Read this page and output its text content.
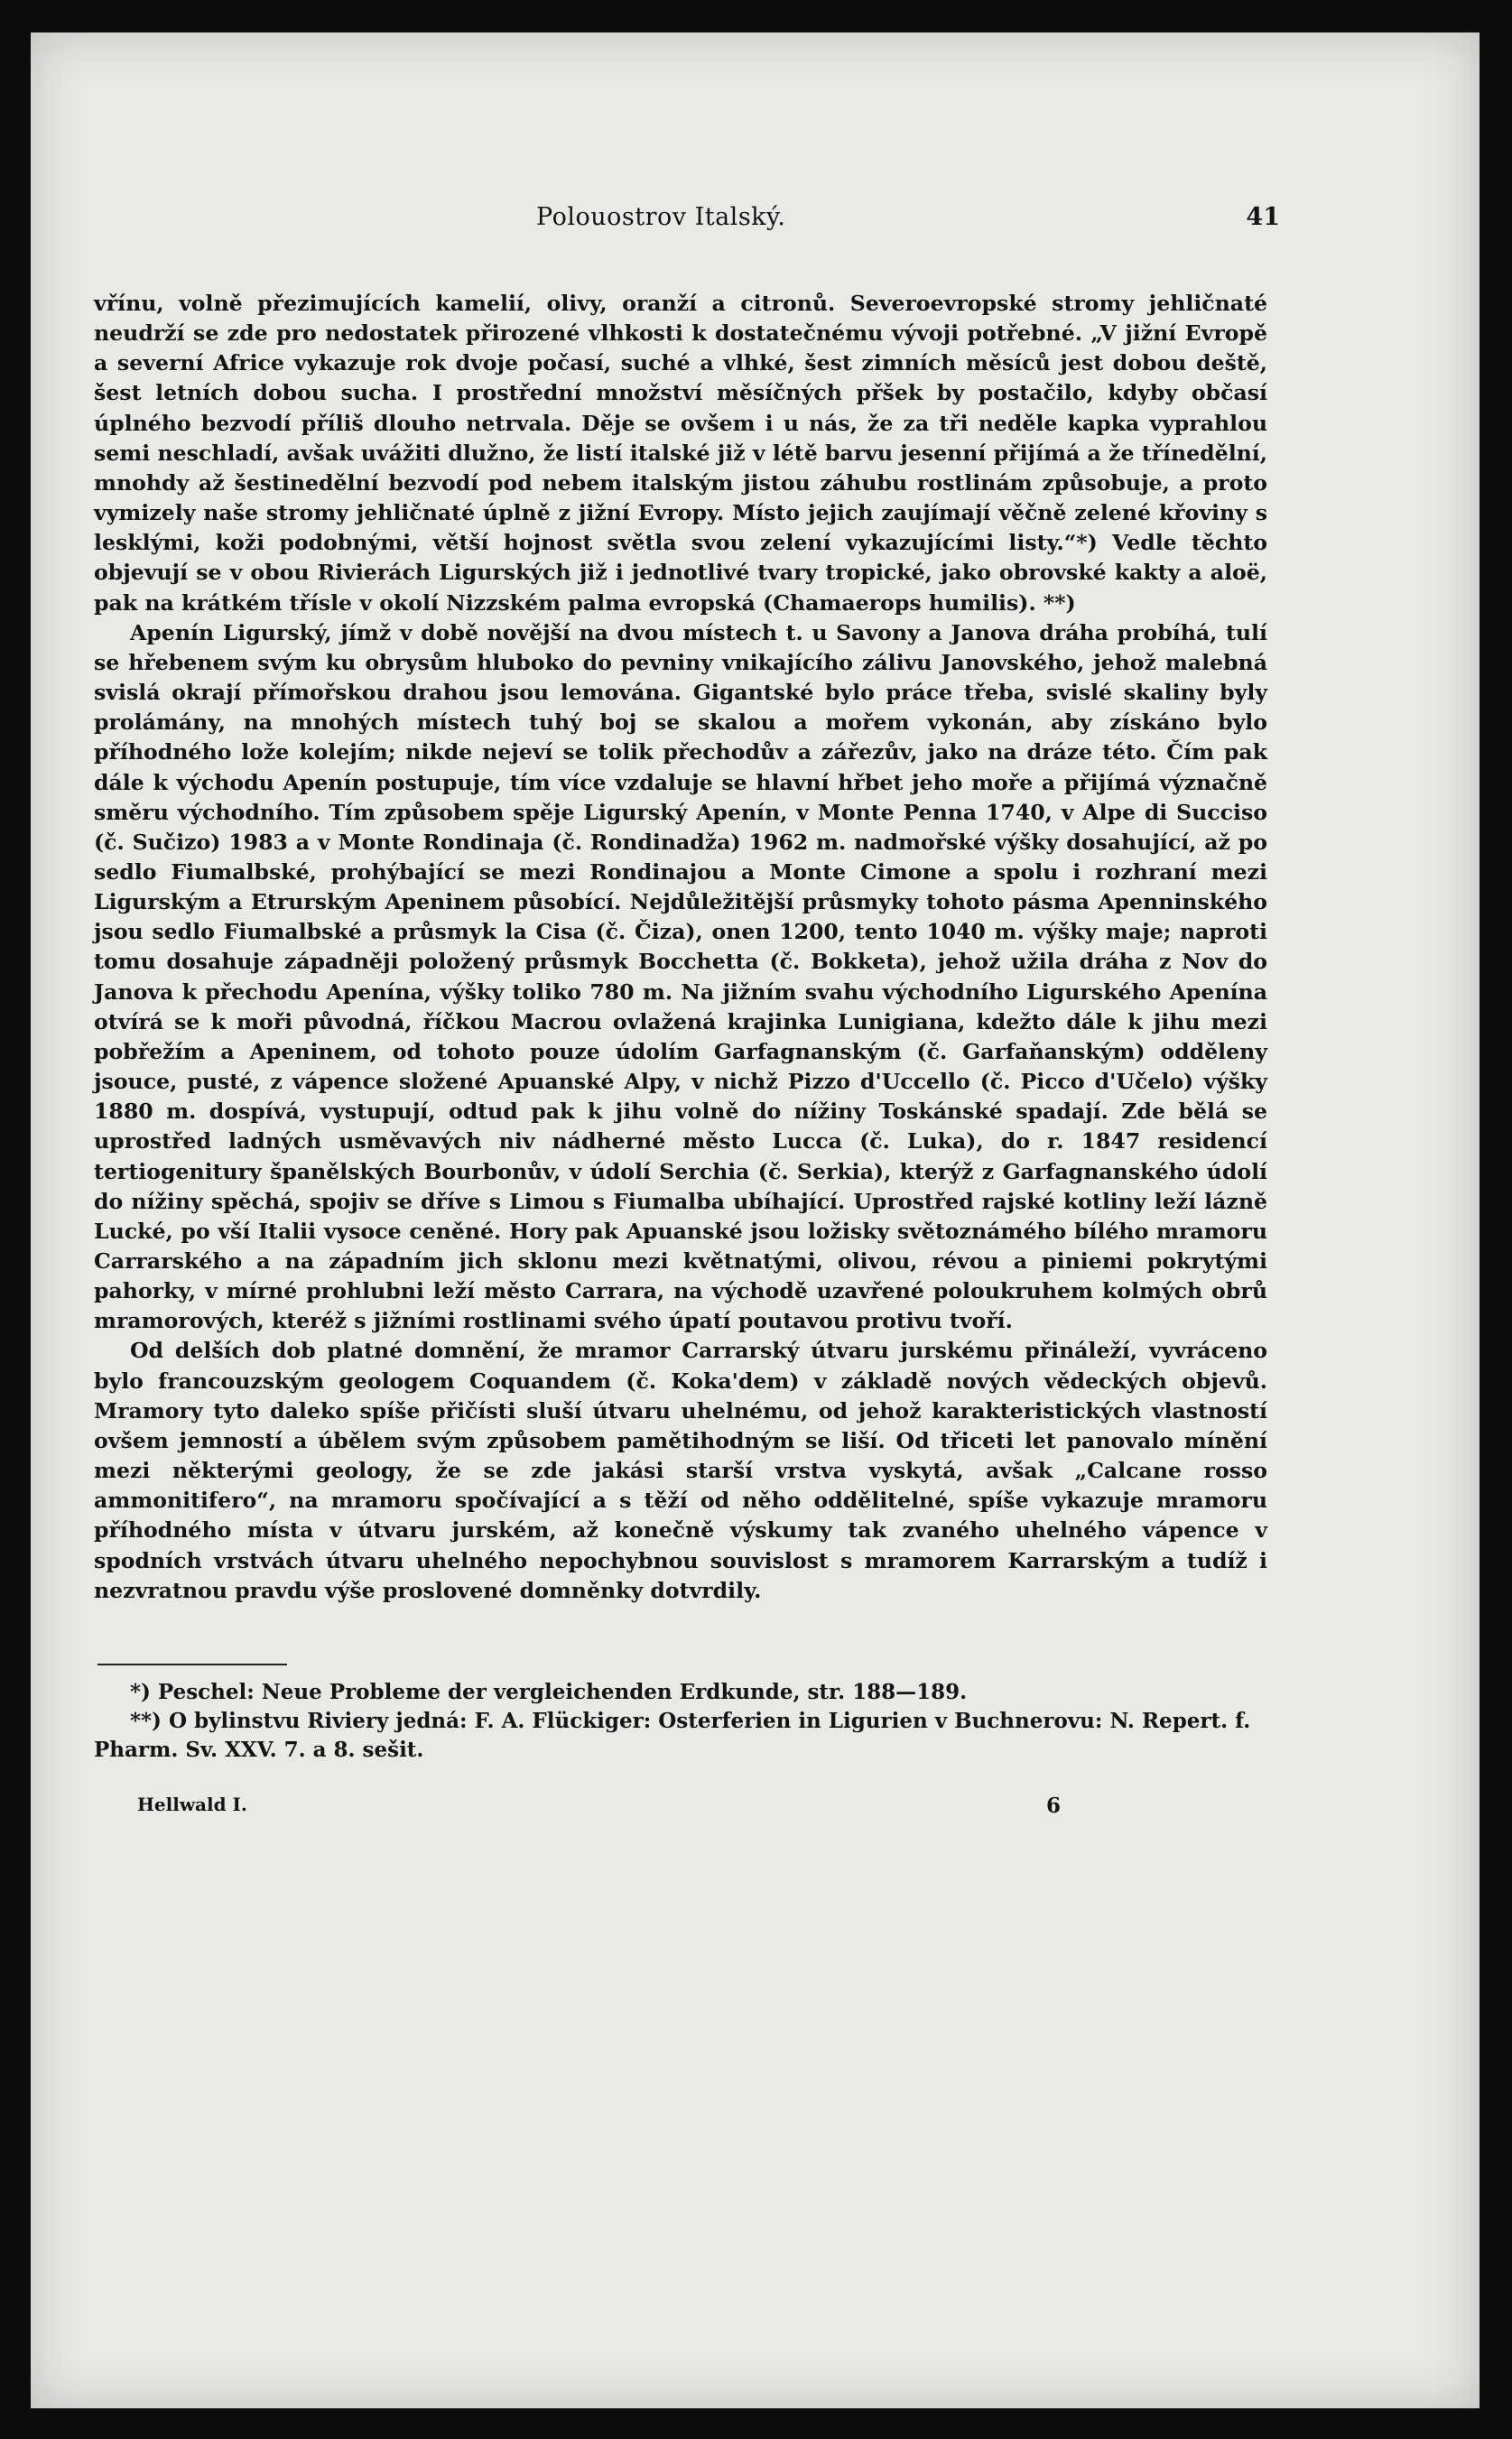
Polouostrov Italský.	41

vřínu, volně přezimujících kamelií, olivy, oranží a citronů. Severoevropské stromy jehličnaté neudrží se zde pro nedostatek přirozené vlhkosti k dostatečnému vývoji potřebné. „V jižní Evropě a severní Africe vykazuje rok dvoje počasí, suché a vlhké, šest zimních měsíců jest dobou deště, šest letních dobou sucha. I prostřední množství měsíčných přšek by postačilo, kdyby občasí úplného bezvodí příliš dlouho netrvala. Děje se ovšem i u nás, že za tři neděle kapka vyprahlou semi neschladí, avšak uvážiti dlužno, že listí italské již v létě barvu jesenní přijímá a že třínedělní, mnohdy až šestinedělní bezvodí pod nebem italským jistou záhubu rostlinám způsobuje, a proto vymizely naše stromy jehličnaté úplně z jižní Evropy. Místo jejich zaujímají věčně zelené křoviny s lesklými, koži podobnými, větší hojnost světla svou zelení vykazujícími listy.“*) Vedle těchto objevují se v obou Rivierách Ligurských již i jednotlivé tvary tropické, jako obrovské kakty a aloë, pak na krátkém třísle v okolí Nizzském palma evropská (Chamaerops humilis). **)

Apenín Ligurský, jímž v době novější na dvou místech t. u Savony a Janova dráha probíhá, tulí se hřebenem svým ku obrysům hluboko do pevniny vnikajícího zálivu Janovského, jehož malebná svislá okrají přímořskou drahou jsou lemována. Gigantské bylo práce třeba, svislé skaliny byly prolámány, na mnohých místech tuhý boj se skalou a mořem vykonán, aby získáno bylo příhodného lože kolejím; nikde nejeví se tolik přechodův a zářezův, jako na dráze této. Čím pak dále k východu Apenín postupuje, tím více vzdaluje se hlavní hřbet jeho moře a přijímá význačně směru východního. Tím způsobem spěje Ligurský Apenín, v Monte Penna 1740, v Alpe di Succiso (č. Sučizo) 1983 a v Monte Rondinaja (č. Rondinadža) 1962 m. nadmořské výšky dosahující, až po sedlo Fiumalbské, prohýbající se mezi Rondinajou a Monte Cimone a spolu i rozhraní mezi Ligurským a Etrurským Apeninem působící. Nejdůležitější průsmyky tohoto pásma Apenninského jsou sedlo Fiumalbské a průsmyk la Cisa (č. Čiza), onen 1200, tento 1040 m. výšky maje; naproti tomu dosahuje západněji položený průsmyk Bocchetta (č. Bokketa), jehož užila dráha z Nov do Janova k přechodu Apenína, výšky toliko 780 m. Na jižním svahu východního Ligurského Apenína otvírá se k moři původná, říčkou Macrou ovlažená krajinka Lunigiana, kdežto dále k jihu mezi pobřežím a Apeninem, od tohoto pouze údolím Garfagnanským (č. Garfaňanským) odděleny jsouce, pusté, z vápence složené Apuanské Alpy, v nichž Pizzo d'Uccello (č. Picco d'Učelo) výšky 1880 m. dospívá, vystupují, odtud pak k jihu volně do nížiny Toskánské spadají. Zde bělá se uprostřed ladných usměvavých niv nádherné město Lucca (č. Luka), do r. 1847 residencí tertiogenitury španělských Bourbonův, v údolí Serchia (č. Serkia), kterýž z Garfagnanského údolí do nížiny spěchá, spojiv se dříve s Limou s Fiumalba ubíhající. Uprostřed rajské kotliny leží lázně Lucké, po vší Italii vysoce ceněné. Hory pak Apuanské jsou ložisky světoznámého bílého mramoru Carrarského a na západním jich sklonu mezi květnatými, olivou, révou a piniemi pokrytými pahorky, v mírné prohlubni leží město Carrara, na východě uzavřené poloukruhem kolmých obrů mramorových, kteréž s jižními rostlinami svého úpatí poutavou protivu tvoří.

Od delších dob platné domnění, že mramor Carrarský útvaru jurskému přináleží, vyvráceno bylo francouzským geologem Coquandem (č. Koka'dem) v základě nových vědeckých objevů. Mramory tyto daleko spíše přičísti sluší útvaru uhelnému, od jehož karakteristických vlastností ovšem jemností a úbělem svým způsobem pamětihodným se liší. Od třiceti let panovalo mínění mezi některými geology, že se zde jakási starší vrstva vyskytá, avšak „Calcane rosso ammonitifero“, na mramoru spočívající a s těží od něho oddělitelné, spíše vykazuje mramoru příhodného místa v útvaru jurském, až konečně výskumy tak zvaného uhelného vápence v spodních vrstvách útvaru uhelného nepochybnou souvislost s mramorem Karrarským a tudíž i nezvratnou pravdu výše proslovené domněnky dotvrdily.

*) Peschel: Neue Probleme der vergleichenden Erdkunde, str. 188—189.

**) O bylinstvu Riviery jedná: F. A. Flückiger: Osterferien in Ligurien v Buchnerovu: N. Repert. f. Pharm. Sv. XXV. 7. a 8. sešit.

Hellwald I.	6
